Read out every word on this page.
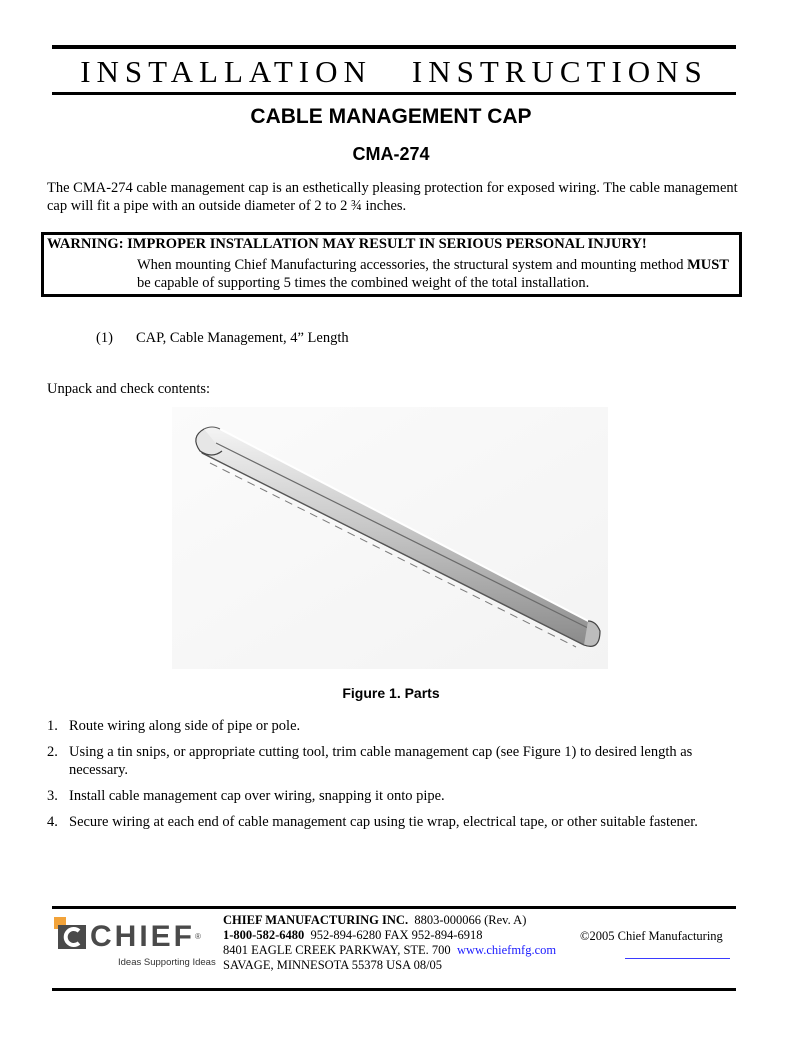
INSTALLATION INSTRUCTIONS
CABLE MANAGEMENT CAP
CMA-274
The CMA-274 cable management cap is an esthetically pleasing protection for exposed wiring. The cable management cap will fit a pipe with an outside diameter of 2 to 2 ¾ inches.
WARNING: IMPROPER INSTALLATION MAY RESULT IN SERIOUS PERSONAL INJURY!
When mounting Chief Manufacturing accessories, the structural system and mounting method MUST be capable of supporting 5 times the combined weight of the total installation.
(1) CAP, Cable Management, 4” Length
Unpack and check contents:
Figure 1. Parts
1. Route wiring along side of pipe or pole.
2. Using a tin snips, or appropriate cutting tool, trim cable management cap (see Figure 1) to desired length as necessary.
3. Install cable management cap over wiring, snapping it onto pipe.
4. Secure wiring at each end of cable management cap using tie wrap, electrical tape, or other suitable fastener.
CHIEF®
Ideas Supporting Ideas
CHIEF MANUFACTURING INC. 8803-000066 (Rev. A)
1-800-582-6480 952-894-6280 FAX 952-894-6918
8401 EAGLE CREEK PARKWAY, STE. 700 www.chiefmfg.com
SAVAGE, MINNESOTA 55378 USA 08/05
©2005 Chief Manufacturing
